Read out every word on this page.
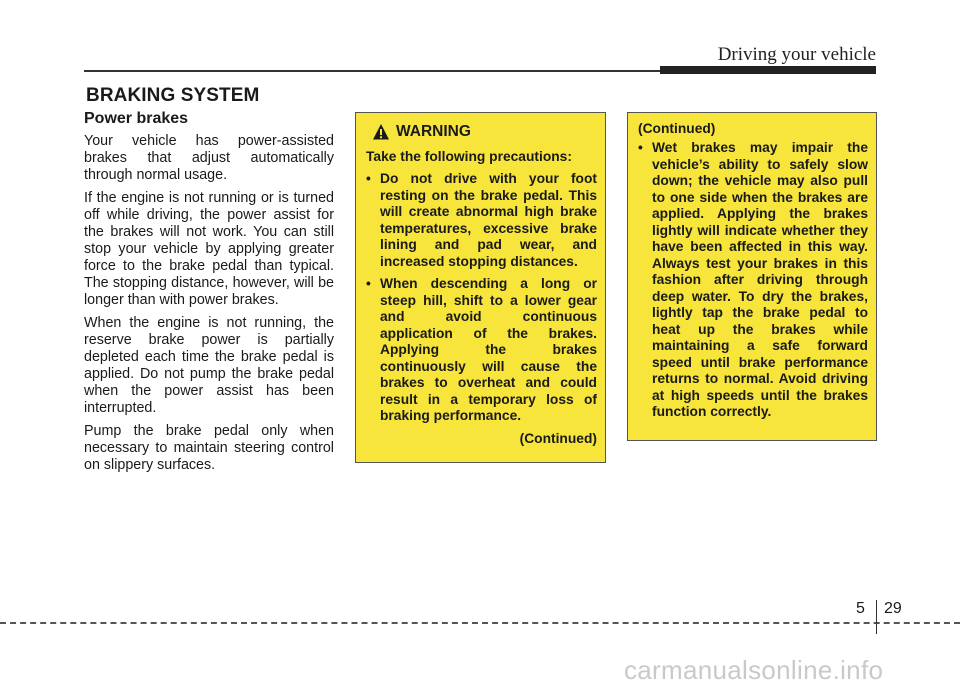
Driving your vehicle
BRAKING SYSTEM
Power brakes

Your vehicle has power-assisted brakes that adjust automatically through normal usage.

If the engine is not running or is turned off while driving, the power assist for the brakes will not work. You can still stop your vehicle by applying greater force to the brake pedal than typical. The stopping distance, however, will be longer than with power brakes.

When the engine is not running, the reserve brake power is partially depleted each time the brake pedal is applied. Do not pump the brake pedal when the power assist has been interrupted.

Pump the brake pedal only when necessary to maintain steering control on slippery surfaces.

WARNING

Take the following precautions:

• Do not drive with your foot resting on the brake pedal. This will create abnormal high brake temperatures, excessive brake lining and pad wear, and increased stopping distances.
• When descending a long or steep hill, shift to a lower gear and avoid continuous application of the brakes. Applying the brakes continuously will cause the brakes to overheat and could result in a temporary loss of braking performance.
(Continued)

(Continued)

• Wet brakes may impair the vehicle’s ability to safely slow down; the vehicle may also pull to one side when the brakes are applied. Applying the brakes lightly will indicate whether they have been affected in this way. Always test your brakes in this fashion after driving through deep water. To dry the brakes, lightly tap the brake pedal to heat up the brakes while maintaining a safe forward speed until brake performance returns to normal. Avoid driving at high speeds until the brakes function correctly.
5 29
carmanualsonline.info
